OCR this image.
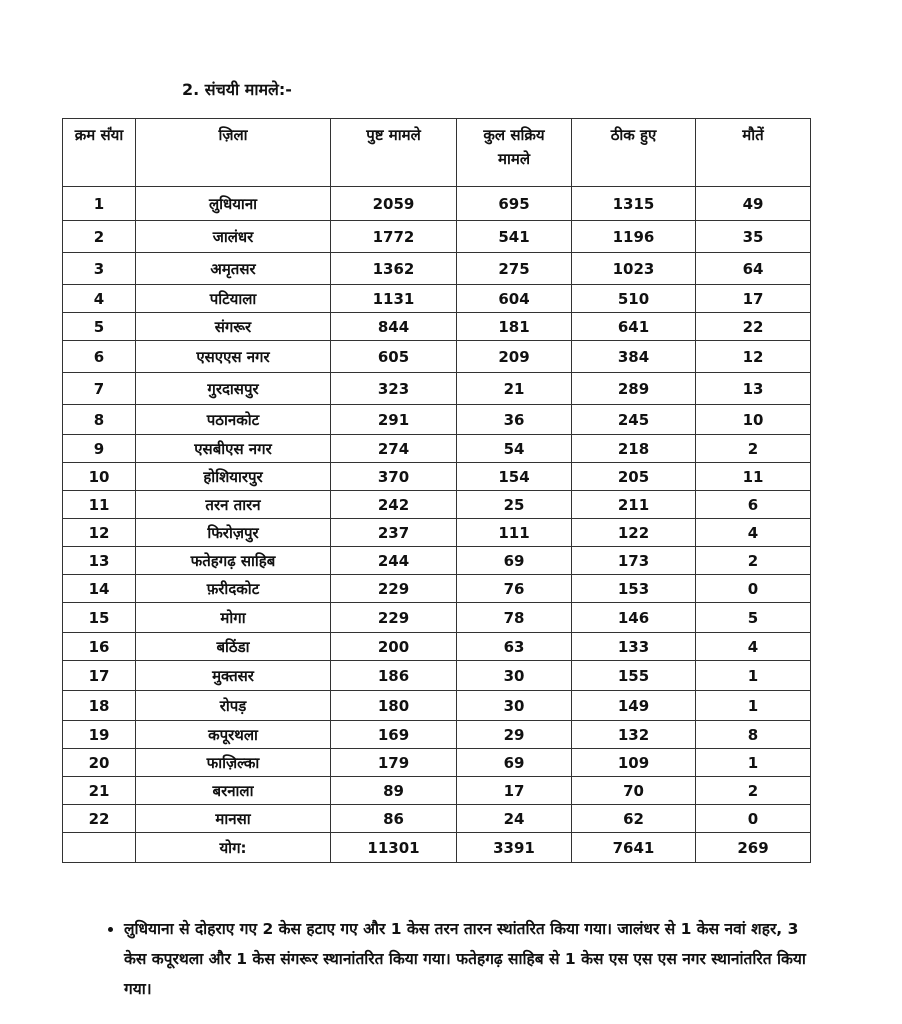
2. संचयी मामले:-
क्रम सं॑या	ज़िला	पुष्ट मामले	कुल सक्रिय मामले	ठीक हुए	मौतें
1	लुधियाना	2059	695	1315	49
2	जालंधर	1772	541	1196	35
3	अमृतसर	1362	275	1023	64
4	पटियाला	1131	604	510	17
5	संगरूर	844	181	641	22
6	एसएएस नगर	605	209	384	12
7	गुरदासपुर	323	21	289	13
8	पठानकोट	291	36	245	10
9	एसबीएस नगर	274	54	218	2
10	होशियारपुर	370	154	205	11
11	तरन तारन	242	25	211	6
12	फिरोज़पुर	237	111	122	4
13	फतेहगढ़ साहिब	244	69	173	2
14	फ़रीदकोट	229	76	153	0
15	मोगा	229	78	146	5
16	बठिंडा	200	63	133	4
17	मुक्तसर	186	30	155	1
18	रोपड़	180	30	149	1
19	कपूरथला	169	29	132	8
20	फाज़िल्का	179	69	109	1
21	बरनाला	89	17	70	2
22	मानसा	86	24	62	0
	योग:	11301	3391	7641	269
• लुधियाना से दोहराए गए 2 केस हटाए गए और 1 केस तरन तारन स्थांतरित किया गया। जालंधर से 1 केस नवां शहर, 3 केस कपूरथला और 1 केस संगरूर स्थानांतरित किया गया। फतेहगढ़ साहिब से 1 केस एस एस एस नगर स्थानांतरित किया गया।
